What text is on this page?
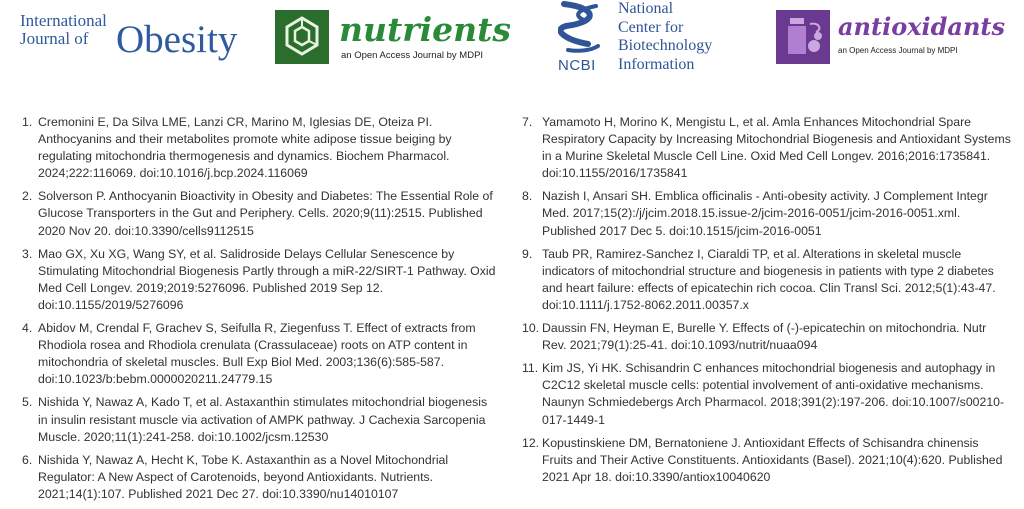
International
Journal of Obesity	nutrients
an Open Access Journal by MDPI
NCBI
National
Center for
Biotechnology
Information
antioxidants
an Open Access Journal by MDPI
1. Cremonini E, Da Silva LME, Lanzi CR, Marino M, Iglesias DE, Oteiza PI. Anthocyanins and their metabolites promote white adipose tissue beiging by regulating mitochondria thermogenesis and dynamics. Biochem Pharmacol. 2024;222:116069. doi:10.1016/j.bcp.2024.116069
2. Solverson P. Anthocyanin Bioactivity in Obesity and Diabetes: The Essential Role of Glucose Transporters in the Gut and Periphery. Cells. 2020;9(11):2515. Published 2020 Nov 20. doi:10.3390/cells9112515
3. Mao GX, Xu XG, Wang SY, et al. Salidroside Delays Cellular Senescence by Stimulating Mitochondrial Biogenesis Partly through a miR-22/SIRT-1 Pathway. Oxid Med Cell Longev. 2019;2019:5276096. Published 2019 Sep 12. doi:10.1155/2019/5276096
4. Abidov M, Crendal F, Grachev S, Seifulla R, Ziegenfuss T. Effect of extracts from Rhodiola rosea and Rhodiola crenulata (Crassulaceae) roots on ATP content in mitochondria of skeletal muscles. Bull Exp Biol Med. 2003;136(6):585-587. doi:10.1023/b:bebm.0000020211.24779.15
5. Nishida Y, Nawaz A, Kado T, et al. Astaxanthin stimulates mitochondrial biogenesis in insulin resistant muscle via activation of AMPK pathway. J Cachexia Sarcopenia Muscle. 2020;11(1):241-258. doi:10.1002/jcsm.12530
6. Nishida Y, Nawaz A, Hecht K, Tobe K. Astaxanthin as a Novel Mitochondrial Regulator: A New Aspect of Carotenoids, beyond Antioxidants. Nutrients. 2021;14(1):107. Published 2021 Dec 27. doi:10.3390/nu14010107
7. Yamamoto H, Morino K, Mengistu L, et al. Amla Enhances Mitochondrial Spare Respiratory Capacity by Increasing Mitochondrial Biogenesis and Antioxidant Systems in a Murine Skeletal Muscle Cell Line. Oxid Med Cell Longev. 2016;2016:1735841. doi:10.1155/2016/1735841
8. Nazish I, Ansari SH. Emblica officinalis - Anti-obesity activity. J Complement Integr Med. 2017;15(2):/j/jcim.2018.15.issue-2/jcim-2016-0051/jcim-2016-0051.xml. Published 2017 Dec 5. doi:10.1515/jcim-2016-0051
9. Taub PR, Ramirez-Sanchez I, Ciaraldi TP, et al. Alterations in skeletal muscle indicators of mitochondrial structure and biogenesis in patients with type 2 diabetes and heart failure: effects of epicatechin rich cocoa. Clin Transl Sci. 2012;5(1):43-47. doi:10.1111/j.1752-8062.2011.00357.x
10. Daussin FN, Heyman E, Burelle Y. Effects of (-)-epicatechin on mitochondria. Nutr Rev. 2021;79(1):25-41. doi:10.1093/nutrit/nuaa094
11. Kim JS, Yi HK. Schisandrin C enhances mitochondrial biogenesis and autophagy in C2C12 skeletal muscle cells: potential involvement of anti-oxidative mechanisms. Naunyn Schmiedebergs Arch Pharmacol. 2018;391(2):197-206. doi:10.1007/s00210-017-1449-1
12. Kopustinskiene DM, Bernatoniene J. Antioxidant Effects of Schisandra chinensis Fruits and Their Active Constituents. Antioxidants (Basel). 2021;10(4):620. Published 2021 Apr 18. doi:10.3390/antiox10040620
